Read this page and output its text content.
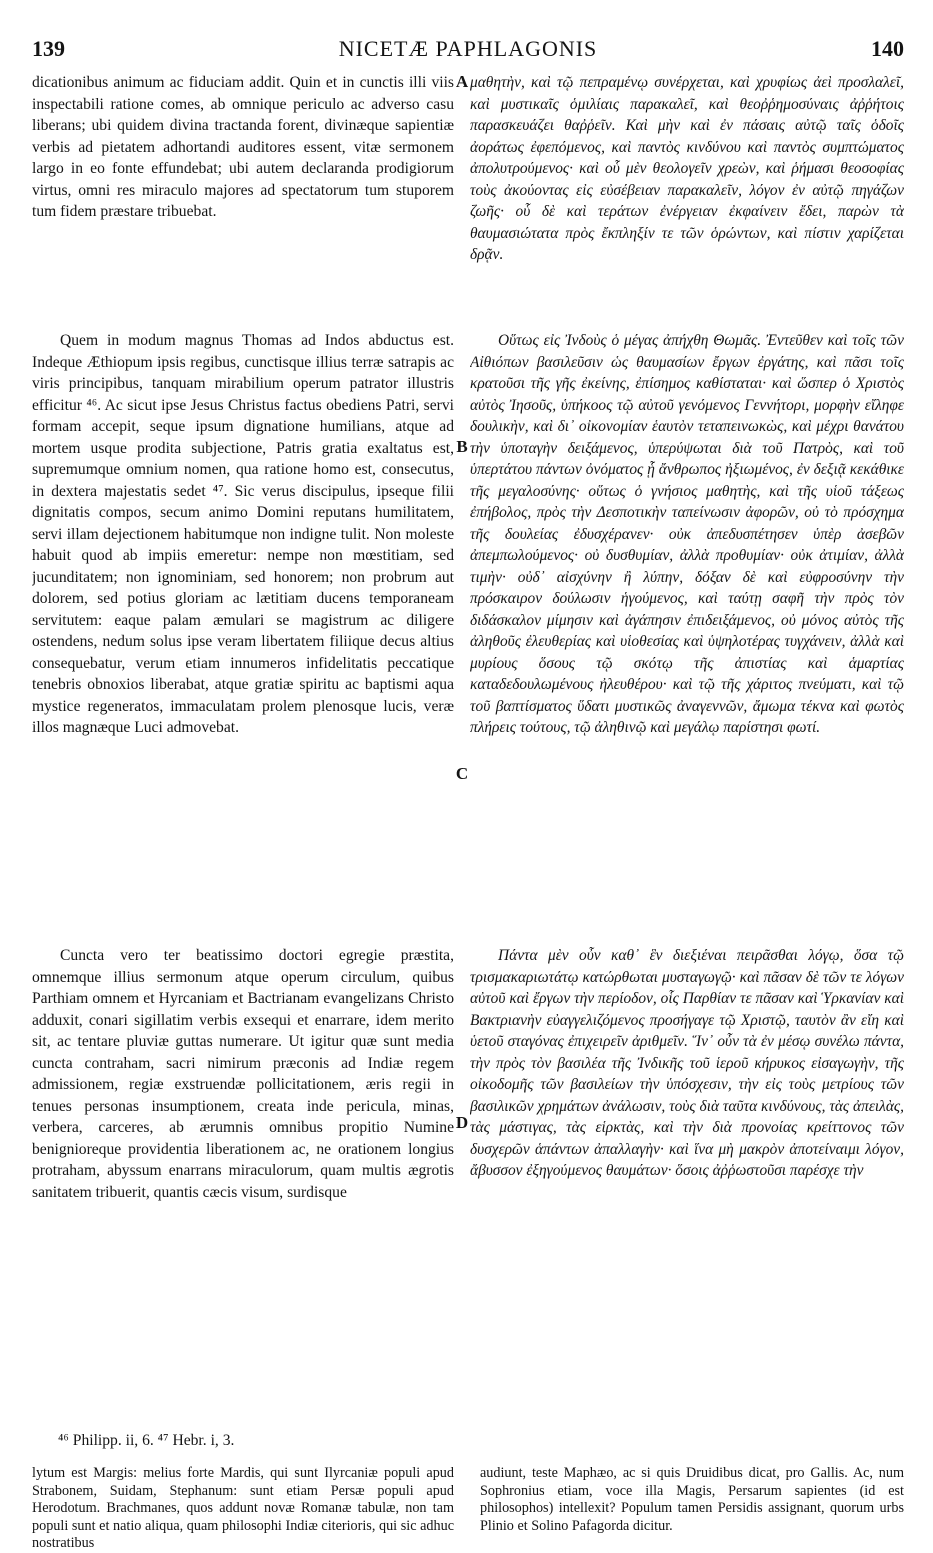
NICETÆ PAPHLAGONIS
139	140

dicationibus animum ac fiduciam addit. Quin et in cunctis illi viis inspectabili ratione comes, ab omnique periculo ac adverso casu liberans; ubi quidem divina tractanda forent, divinæque sapientiæ verbis ad pietatem adhortandi auditores essent, vitæ sermonem largo in eo fonte effundebat; ubi autem declaranda prodigiorum virtus, omni res miraculo majores ad spectatorum tum stuporem tum fidem præstare tribuebat.

Quem in modum magnus Thomas ad Indos abductus est. Indeque Æthiopum ipsis regibus, cunctisque illius terræ satrapis ac viris principibus, tanquam mirabilium operum patrator illustris efficitur ⁴⁶. Ac sicut ipse Jesus Christus factus obediens Patri, servi formam accepit, seque ipsum dignatione humilians, atque ad mortem usque prodita subjectione, Patris gratia exaltatus est, supremumque omnium nomen, qua ratione homo est, consecutus, in dextera majestatis sedet ⁴⁷. Sic verus discipulus, ipseque filii dignitatis compos, secum animo Domini reputans humilitatem, servi illam dejectionem habitumque non indigne tulit. Non moleste habuit quod ab impiis emeretur: nempe non mœstitiam, sed jucunditatem; non ignominiam, sed honorem; non probrum aut dolorem, sed potius gloriam ac lætitiam ducens temporaneam servitutem: eaque palam æmulari se magistrum ac diligere ostendens, nedum solus ipse veram libertatem filiique decus altius consequebatur, verum etiam innumeros infidelitatis peccatique tenebris obnoxios liberabat, atque gratiæ spiritu ac baptismi aqua mystice regeneratos, immaculatam prolem plenosque lucis, veræ illos magnæque Luci admovebat.

Cuncta vero ter beatissimo doctori egregie præstita, omnemque illius sermonum atque operum circulum, quibus Parthiam omnem et Hyrcaniam et Bactrianam evangelizans Christo adduxit, conari sigillatim verbis exsequi et enarrare, idem merito sit, ac tentare pluviæ guttas numerare. Ut igitur quæ sunt media cuncta contraham, sacri nimirum præconis ad Indiæ regem admissionem, regiæ exstruendæ pollicitationem, æris regii in tenues personas insumptionem, creata inde pericula, minas, verbera, carceres, ab ærumnis omnibus propitio Numine benignioreque providentia liberationem ac, ne orationem longius protraham, abyssum enarrans miraculorum, quam multis ægrotis sanitatem tribuerit, quantis cæcis visum, surdisque

μαθητὴν, καὶ τῷ πεπραμένῳ συνέρχεται, καὶ χρυφίως ἀεὶ προσλαλεῖ, καὶ μυστικαῖς ὁμιλίαις παρακαλεῖ, καὶ θεοῤῥημοσύναις ἀῤῥήτοις παρασκευάζει θαῤῥεῖν. Καὶ μὴν καὶ ἐν πάσαις αὐτῷ ταῖς ὁδοῖς ἀοράτως ἐφεπόμενος, καὶ παντὸς κινδύνου καὶ παντὸς συμπτώματος ἀπολυτρούμενος· καὶ οὗ μὲν θεολογεῖν χρεὼν, καὶ ῥήμασι θεοσοφίας τοὺς ἀκούοντας εἰς εὐσέβειαν παρακαλεῖν, λόγον ἐν αὐτῷ πηγάζων ζωῆς· οὗ δὲ καὶ τεράτων ἐνέργειαν ἐκφαίνειν ἔδει, παρὼν τὰ θαυμασιώτατα πρὸς ἔκπληξίν τε τῶν ὁρώντων, καὶ πίστιν χαρίζεται δρᾷν.

Οὕτως εἰς Ἰνδοὺς ὁ μέγας ἀπήχθη Θωμᾶς. Ἐντεῦθεν καὶ τοῖς τῶν Αἰθιόπων βασιλεῦσιν ὡς θαυμασίων ἔργων ἐργάτης, καὶ πᾶσι τοῖς κρατοῦσι τῆς γῆς ἐκείνης, ἐπίσημος καθίσταται· καὶ ὥσπερ ὁ Χριστὸς αὐτὸς Ἰησοῦς, ὑπήκοος τῷ αὐτοῦ γενόμενος Γεννήτορι, μορφὴν εἴληφε δουλικὴν, καὶ δι᾽ οἰκονομίαν ἑαυτὸν τεταπεινωκὼς, καὶ μέχρι θανάτου τὴν ὑποταγὴν δειξάμενος, ὑπερύψωται διὰ τοῦ Πατρὸς, καὶ τοῦ ὑπερτάτου πάντων ὀνόματος ᾗ ἄνθρωπος ἠξιωμένος, ἐν δεξιᾷ κεκάθικε τῆς μεγαλοσύνης· οὕτως ὁ γνήσιος μαθητὴς, καὶ τῆς υἱοῦ τάξεως ἐπήβολος, πρὸς τὴν Δεσποτικὴν ταπείνωσιν ἀφορῶν, οὐ τὸ πρόσχημα τῆς δουλείας ἐδυσχέρανεν· οὐκ ἀπεδυσπέτησεν ὑπὲρ ἀσεβῶν ἀπεμπωλούμενος· οὐ δυσθυμίαν, ἀλλὰ προθυμίαν· οὐκ ἀτιμίαν, ἀλλὰ τιμὴν· οὐδ᾽ αἰσχύνην ἢ λύπην, δόξαν δὲ καὶ εὐφροσύνην τὴν πρόσκαιρον δούλωσιν ἡγούμενος, καὶ ταύτῃ σαφῆ τὴν πρὸς τὸν διδάσκαλον μίμησιν καὶ ἀγάπησιν ἐπιδειξάμενος, οὐ μόνος αὐτὸς τῆς ἀληθοῦς ἐλευθερίας καὶ υἱοθεσίας καὶ ὑψηλοτέρας τυγχάνειν, ἀλλὰ καὶ μυρίους ὅσους τῷ σκότῳ τῆς ἀπιστίας καὶ ἁμαρτίας καταδεδουλωμένους ἠλευθέρου· καὶ τῷ τῆς χάριτος πνεύματι, καὶ τῷ τοῦ βαπτίσματος ὕδατι μυστικῶς ἀναγεννῶν, ἄμωμα τέκνα καὶ φωτὸς πλήρεις τούτους, τῷ ἀληθινῷ καὶ μεγάλῳ παρίστησι φωτί.

Πάντα μὲν οὖν καθ᾽ ἓν διεξιέναι πειρᾶσθαι λόγῳ, ὅσα τῷ τρισμακαριωτάτῳ κατώρθωται μυσταγωγῷ· καὶ πᾶσαν δὲ τῶν τε λόγων αὐτοῦ καὶ ἔργων τὴν περίοδον, οἷς Παρθίαν τε πᾶσαν καὶ Ὑρκανίαν καὶ Βακτριανὴν εὐαγγελιζόμενος προσήγαγε τῷ Χριστῷ, ταυτὸν ἂν εἴη καὶ ὑετοῦ σταγόνας ἐπιχειρεῖν ἀριθμεῖν. Ἵν᾽ οὖν τὰ ἐν μέσῳ συνέλω πάντα, τὴν πρὸς τὸν βασιλέα τῆς Ἰνδικῆς τοῦ ἱεροῦ κήρυκος εἰσαγωγὴν, τῆς οἰκοδομῆς τῶν βασιλείων τὴν ὑπόσχεσιν, τὴν εἰς τοὺς μετρίους τῶν βασιλικῶν χρημάτων ἀνάλωσιν, τοὺς διὰ ταῦτα κινδύνους, τὰς ἀπειλὰς, τὰς μάστιγας, τὰς εἱρκτὰς, καὶ τὴν διὰ προνοίας κρείττονος τῶν δυσχερῶν ἁπάντων ἀπαλλαγὴν· καὶ ἵνα μὴ μακρὸν ἀποτείναιμι λόγον, ἄβυσσον ἐξηγούμενος θαυμάτων· ὅσοις ἀῤῥωστοῦσι παρέσχε τὴν

A
B
C
D
⁴⁶ Philipp. ii, 6. ⁴⁷ Hebr. i, 3.

lytum est Margis: melius forte Mardis, qui sunt Ilyrcaniæ populi apud Strabonem, Suidam, Stephanum: sunt etiam Persæ populi apud Herodotum. Brachmanes, quos addunt novæ Romanæ tabulæ, non tam populi sunt et natio aliqua, quam philosophi Indiæ citerioris, qui sic adhuc nostratibus

audiunt, teste Maphæo, ac si quis Druidibus dicat, pro Gallis. Ac, num Sophronius etiam, voce illa Magis, Persarum sapientes (id est philosophos) intellexit? Populum tamen Persidis assignant, quorum urbs Plinio et Solino Pafagorda dicitur.
